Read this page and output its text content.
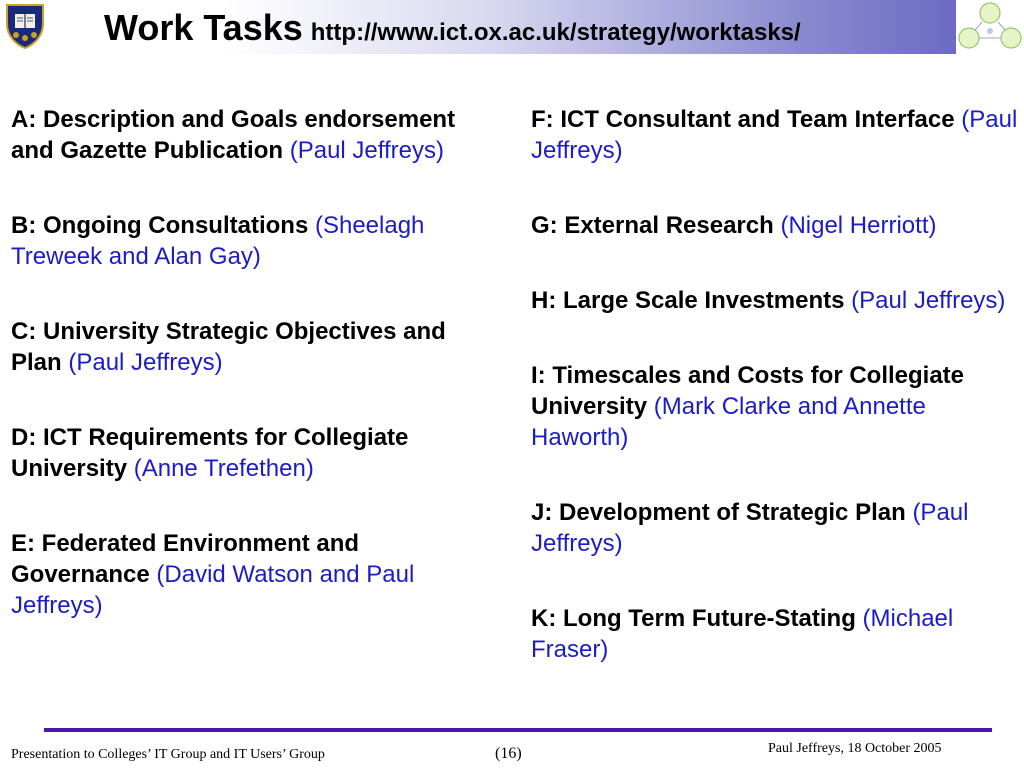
Work Tasks http://www.ict.ox.ac.uk/strategy/worktasks/

A: Description and Goals endorsement and Gazette Publication (Paul Jeffreys)

B: Ongoing Consultations (Sheelagh Treweek and Alan Gay)

C: University Strategic Objectives and Plan (Paul Jeffreys)

D: ICT Requirements for Collegiate University (Anne Trefethen)

E: Federated Environment and Governance (David Watson and Paul Jeffreys)

F: ICT Consultant and Team Interface (Paul Jeffreys)

G: External Research (Nigel Herriott)

H: Large Scale Investments (Paul Jeffreys)

I: Timescales and Costs for Collegiate University (Mark Clarke and Annette Haworth)

J: Development of Strategic Plan (Paul Jeffreys)

K: Long Term Future-Stating (Michael Fraser)

Presentation to Colleges’ IT Group and IT Users’ Group	(16)	Paul Jeffreys, 18 October 2005
